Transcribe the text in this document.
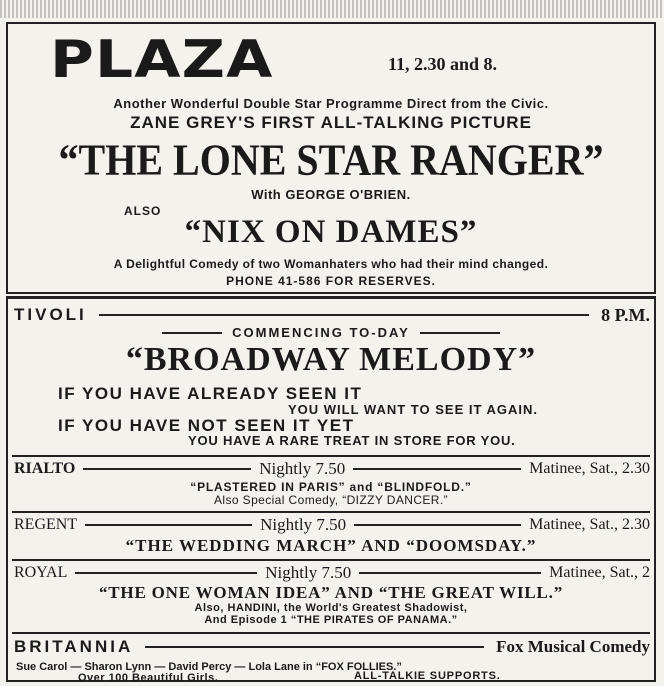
PLAZA	11, 2.30 and 8.
Another Wonderful Double Star Programme Direct from the Civic.
ZANE GREY'S FIRST ALL-TALKING PICTURE
“THE LONE STAR RANGER”
With GEORGE O'BRIEN.
ALSO
“NIX ON DAMES”
A Delightful Comedy of two Womanhaters who had their mind changed.
PHONE 41-586 FOR RESERVES.
TIVOLI	8 P.M.
COMMENCING TO-DAY
“BROADWAY MELODY”
IF YOU HAVE ALREADY SEEN IT
YOU WILL WANT TO SEE IT AGAIN.
IF YOU HAVE NOT SEEN IT YET
YOU HAVE A RARE TREAT IN STORE FOR YOU.
RIALTO	Nightly 7.50	Matinee, Sat., 2.30
“PLASTERED IN PARIS” and “BLINDFOLD.”
Also Special Comedy, “DIZZY DANCER.”
REGENT	Nightly 7.50	Matinee, Sat., 2.30
“THE WEDDING MARCH” AND “DOOMSDAY.”
ROYAL	Nightly 7.50	Matinee, Sat., 2
“THE ONE WOMAN IDEA” AND “THE GREAT WILL.”
Also, HANDINI, the World's Greatest Shadowist,
And Episode 1 “THE PIRATES OF PANAMA.”
BRITANNIA	Fox Musical Comedy
Sue Carol — Sharon Lynn — David Percy — Lola Lane in “FOX FOLLIES.”
Over 100 Beautiful Girls.	ALL-TALKIE SUPPORTS.
